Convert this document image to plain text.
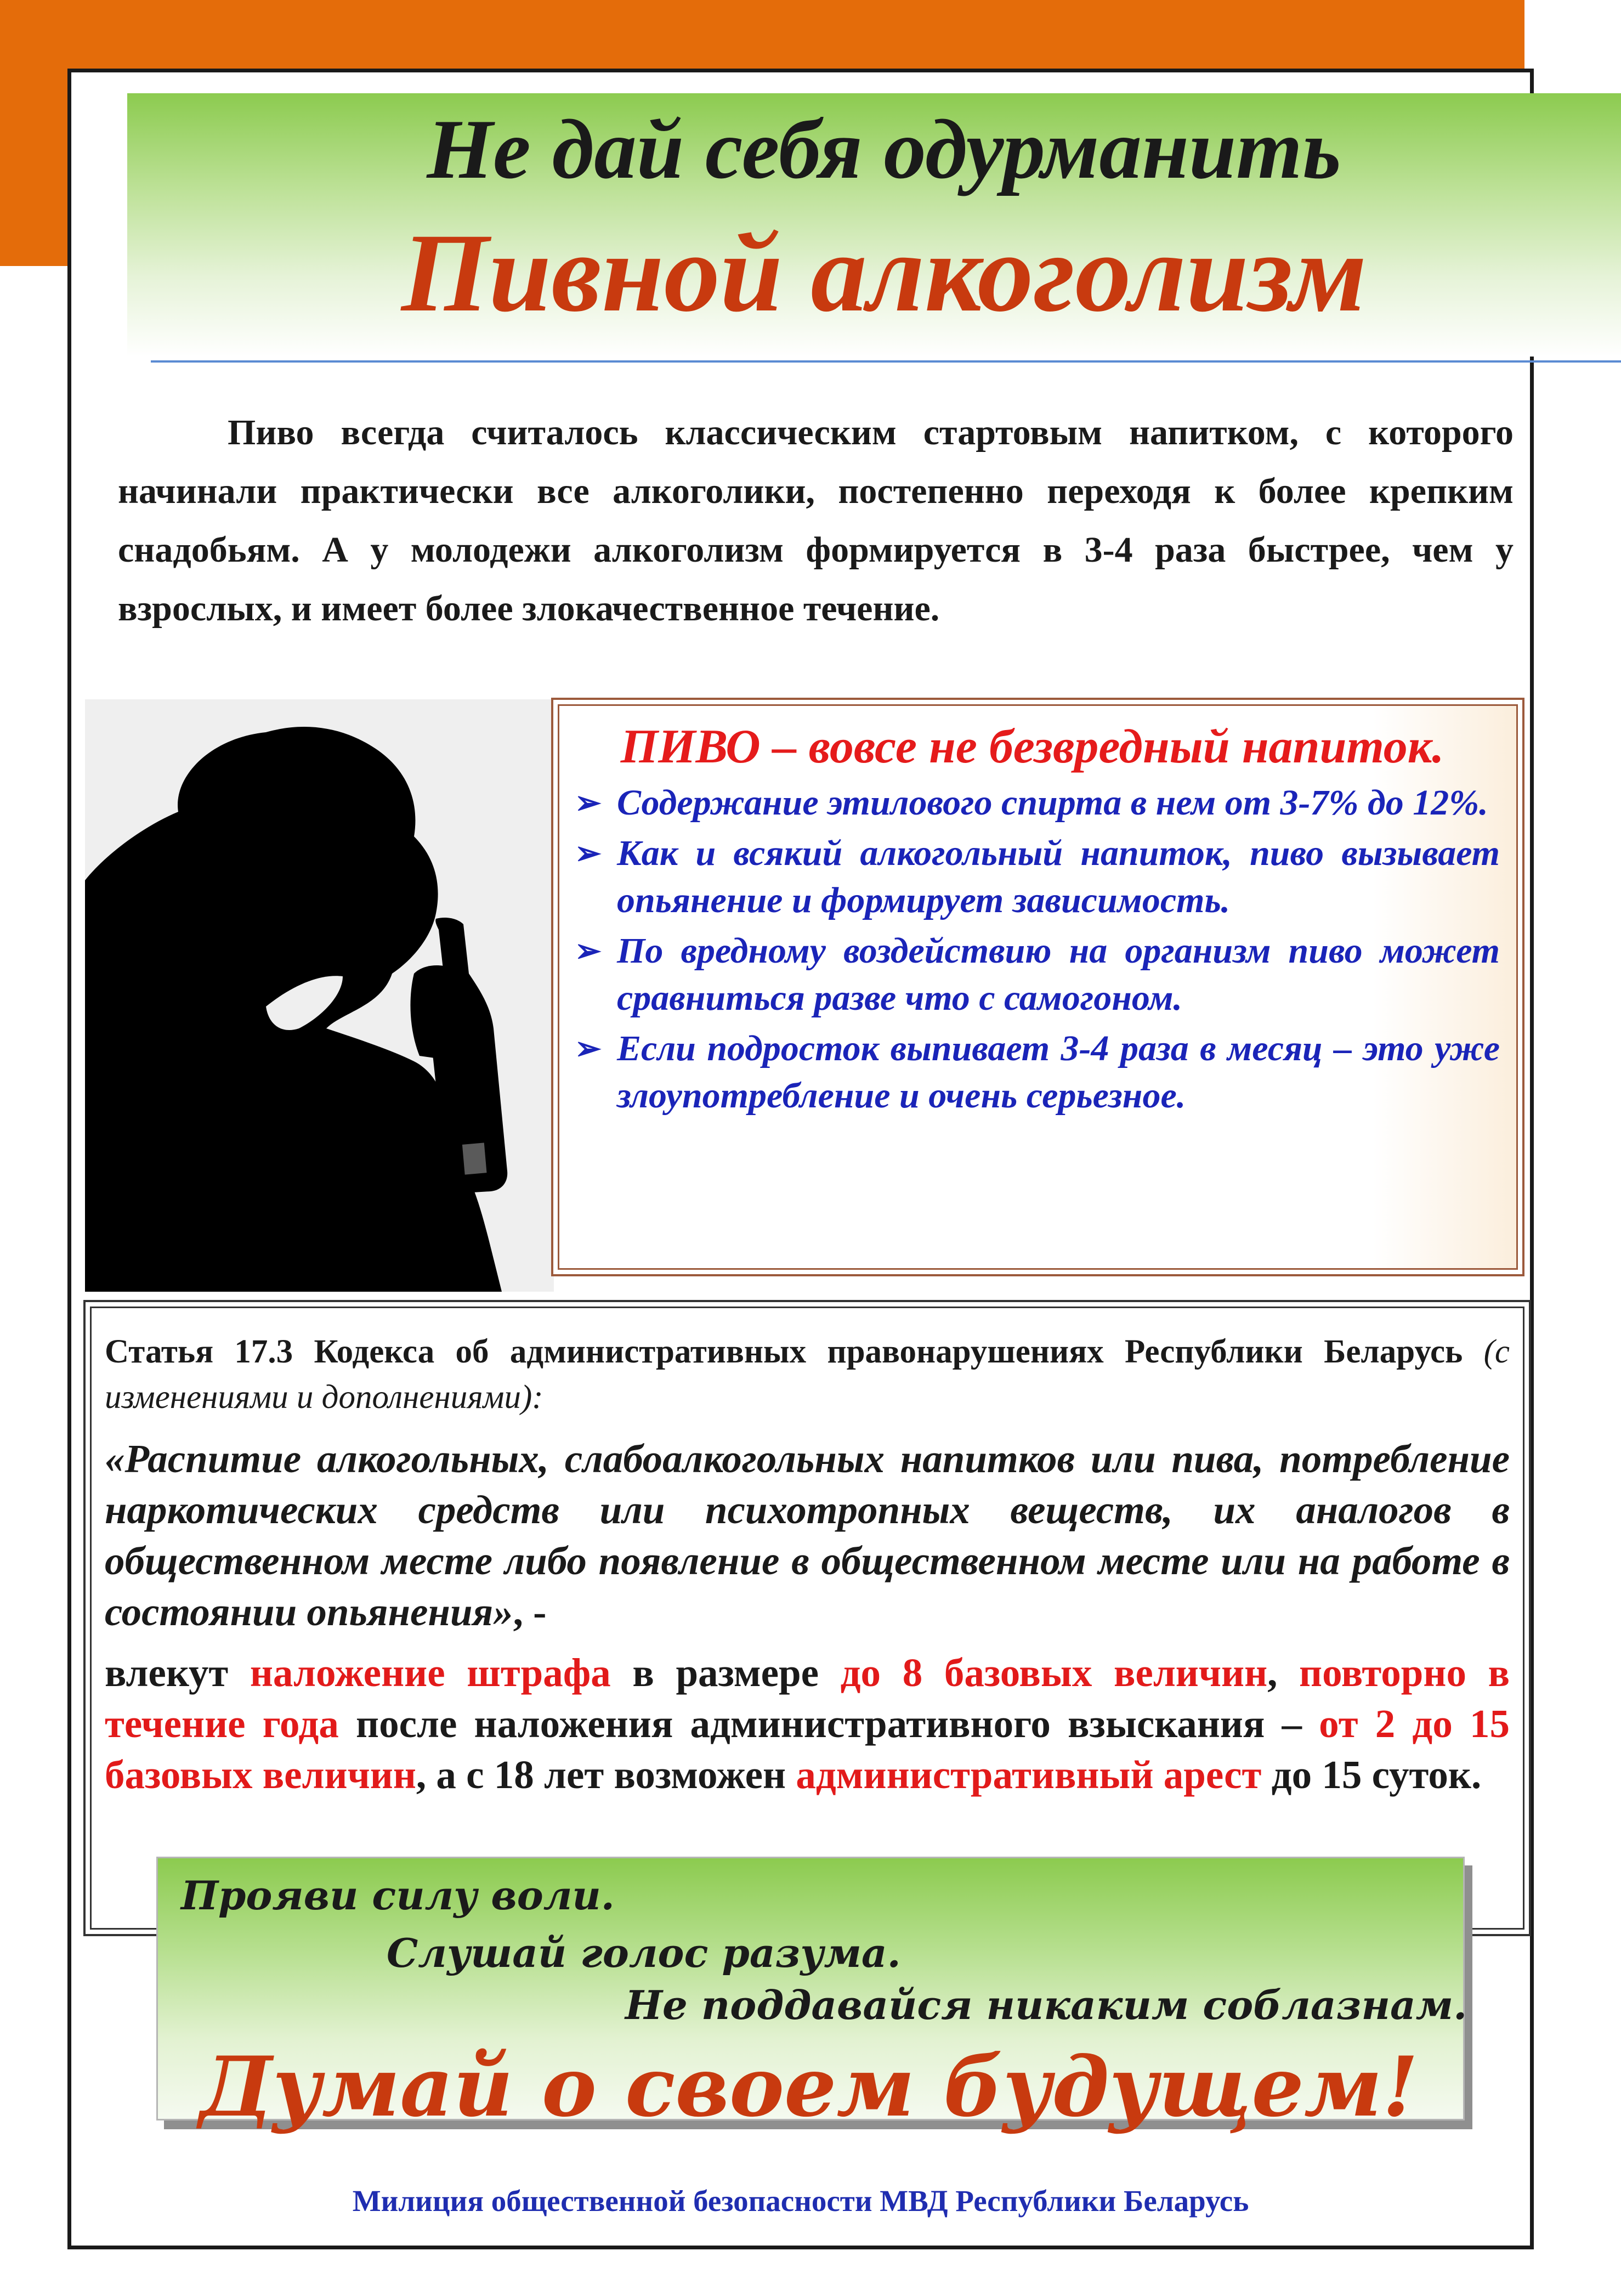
Не дай себя одурманить
Пивной алкоголизм
Пиво всегда считалось классическим стартовым напитком, с которого начинали практически все алкоголики, постепенно переходя к более крепким снадобьям. А у молодежи алкоголизм формируется в 3-4 раза быстрее, чем у взрослых, и имеет более злокачественное течение.
ПИВО – вовсе не безвредный напиток.
➢ Содержание этилового спирта в нем от 3-7% до 12%.
➢ Как и всякий алкогольный напиток, пиво вызывает опьянение и формирует зависимость.
➢ По вредному воздействию на организм пиво может сравниться разве что с самогоном.
➢ Если подросток выпивает 3-4 раза в месяц – это уже злоупотребление и очень серьезное.
Статья 17.3 Кодекса об административных правонарушениях Республики Беларусь (с изменениями и дополнениями):
«Распитие алкогольных, слабоалкогольных напитков или пива, потребление наркотических средств или психотропных веществ, их аналогов в общественном месте либо появление в общественном месте или на работе в состоянии опьянения», -
влекут наложение штрафа в размере до 8 базовых величин, повторно в течение года после наложения административного взыскания – от 2 до 15 базовых величин, а с 18 лет возможен административный арест до 15 суток.
Прояви силу воли.
Слушай голос разума.
Не поддавайся никаким соблазнам.
Думай о своем будущем!
Милиция общественной безопасности МВД Республики Беларусь
